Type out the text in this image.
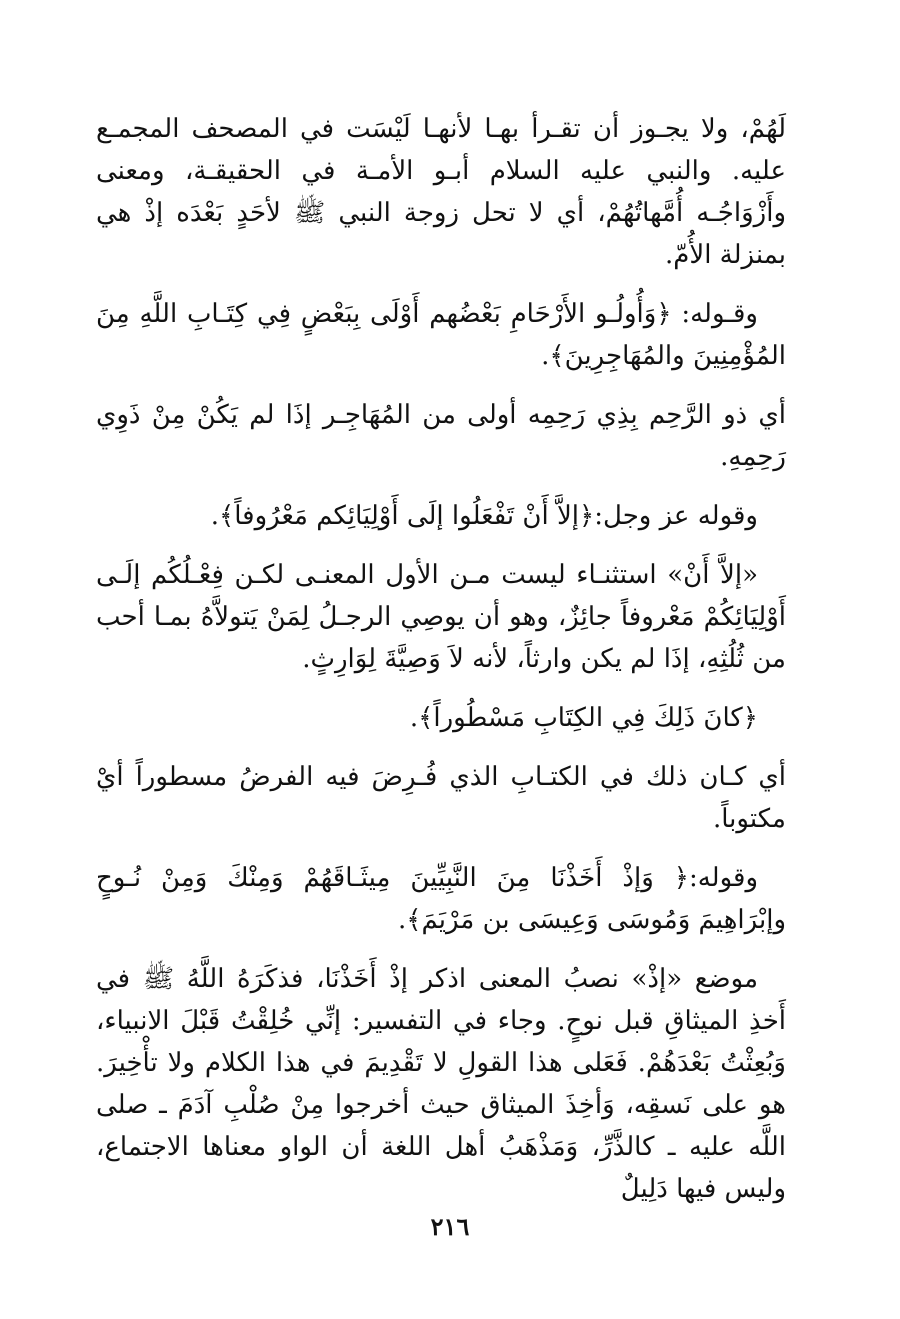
لَهُمْ، ولا يجـوز أن تقـرأ بهـا لأنهـا لَيْسَت في المصحف المجمـع عليه. والنبي عليه السلام أبـو الأمـة في الحقيقـة، ومعنى وأَزْوَاجُـه أُمَّهاتُهُمْ، أي لا تحل زوجة النبي ﷺ لأحَدٍ بَعْدَه إذْ هي بمنزلة الأُمّ.

وقـوله: ﴿وَأُولُـو الأَرْحَامِ بَعْضُهم أَوْلَى بِبَعْضٍ فِي كِتَـابِ اللَّهِ مِنَ المُؤْمِنِينَ والمُهَاجِرِينَ﴾.

أي ذو الرَّحِم بِذِي رَحِمِه أولى من المُهَاجِـر إذَا لم يَكُنْ مِنْ ذَوِي رَحِمِهِ.

وقوله عز وجل:﴿إلاَّ أَنْ تَفْعَلُوا إلَى أَوْلِيَائِكم مَعْرُوفاً﴾.

«إلاَّ أَنْ» استثنـاء ليست مـن الأول المعنـى لكـن فِعْـلُكُم إلَـى أَوْلِيَائِكُمْ مَعْروفاً جائِزٌ، وهو أن يوصِي الرجـلُ لِمَنْ يَتولاَّهُ بمـا أحب من ثُلُثِهِ، إذَا لم يكن وارثاً، لأنه لاَ وَصِيَّةَ لِوَارِثٍ.

﴿كانَ ذَلِكَ فِي الكِتَابِ مَسْطُوراً﴾.

أي كـان ذلك في الكتـابِ الذي فُـرِضَ فيه الفرضُ مسطوراً أيْ مكتوباً.

وقوله:﴿ وَإذْ أَخَذْنَا مِنَ النَّبِيِّينَ مِيثَـاقَهُمْ وَمِنْكَ وَمِنْ نُـوحٍ وإبْرَاهِيمَ وَمُوسَى وَعِيسَى بن مَرْيَمَ﴾.

موضع «إذْ» نصبُ المعنى اذكر إذْ أَخَذْنَا، فذكَرَهُ اللَّهُ ﷺ في أَخذِ الميثاقِ قبل نوحٍ. وجاء في التفسير: إنِّي خُلِقْتُ قَبْلَ الانبياء، وَبُعِثْتُ بَعْدَهُمْ. فَعَلى هذا القولِ لا تَقْدِيمَ في هذا الكلام ولا تأْخِيرَ. هو على نَسقِه، وَأخِذَ الميثاق حيث أخرجوا مِنْ صُلْبِ آدَمَ ـ صلى اللَّه عليه ـ كالذَّرِّ، وَمَذْهَبُ أهل اللغة أن الواو معناها الاجتماع، وليس فيها دَلِيلٌ

٢١٦
